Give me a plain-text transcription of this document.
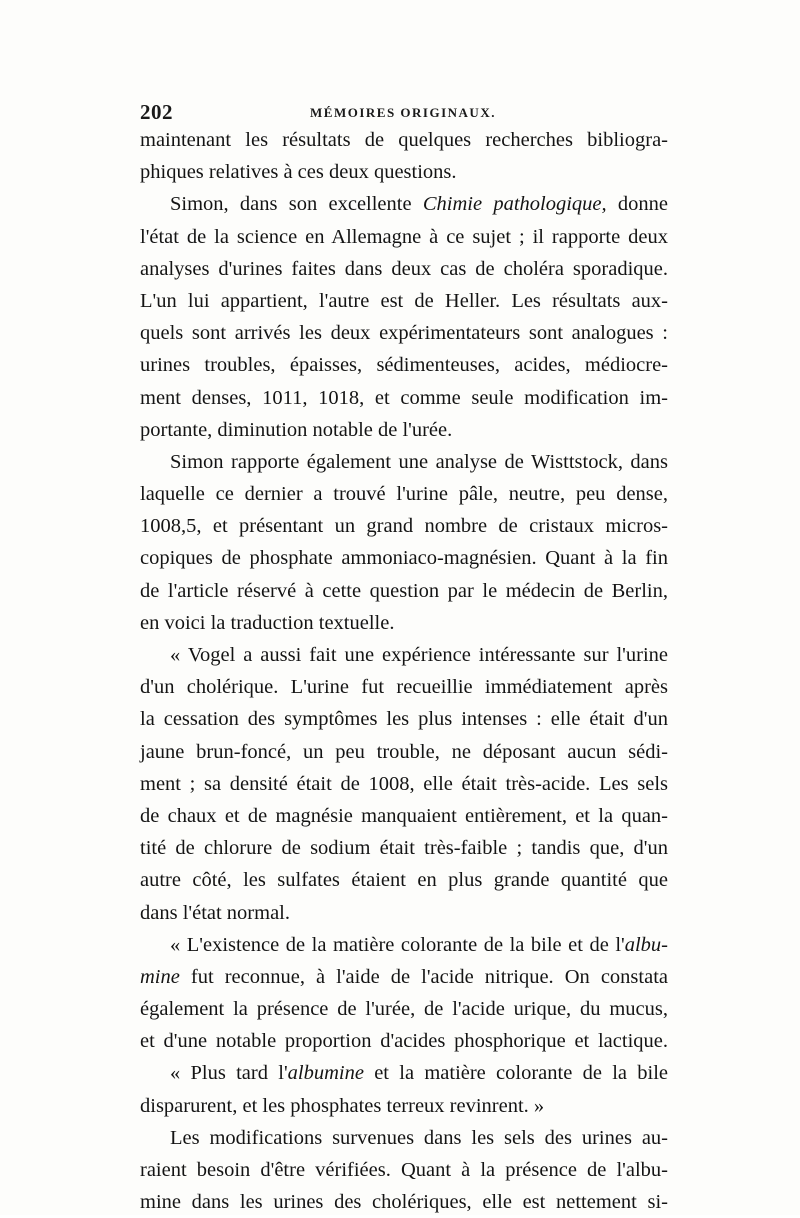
202	MÉMOIRES ORIGINAUX.
maintenant les résultats de quelques recherches bibliogra-
phiques relatives à ces deux questions.
Simon, dans son excellente Chimie pathologique, donne
l'état de la science en Allemagne à ce sujet ; il rapporte deux
analyses d'urines faites dans deux cas de choléra sporadique.
L'un lui appartient, l'autre est de Heller. Les résultats aux-
quels sont arrivés les deux expérimentateurs sont analogues :
urines troubles, épaisses, sédimenteuses, acides, médiocre-
ment denses, 1011, 1018, et comme seule modification im-
portante, diminution notable de l'urée.
Simon rapporte également une analyse de Wisttstock, dans
laquelle ce dernier a trouvé l'urine pâle, neutre, peu dense,
1008,5, et présentant un grand nombre de cristaux micros-
copiques de phosphate ammoniaco-magnésien. Quant à la fin
de l'article réservé à cette question par le médecin de Berlin,
en voici la traduction textuelle.
« Vogel a aussi fait une expérience intéressante sur l'urine
d'un cholérique. L'urine fut recueillie immédiatement après
la cessation des symptômes les plus intenses : elle était d'un
jaune brun-foncé, un peu trouble, ne déposant aucun sédi-
ment ; sa densité était de 1008, elle était très-acide. Les sels
de chaux et de magnésie manquaient entièrement, et la quan-
tité de chlorure de sodium était très-faible ; tandis que, d'un
autre côté, les sulfates étaient en plus grande quantité que
dans l'état normal.
« L'existence de la matière colorante de la bile et de l'albu-
mine fut reconnue, à l'aide de l'acide nitrique. On constata
également la présence de l'urée, de l'acide urique, du mucus,
et d'une notable proportion d'acides phosphorique et lactique.
« Plus tard l'albumine et la matière colorante de la bile
disparurent, et les phosphates terreux revinrent. »
Les modifications survenues dans les sels des urines au-
raient besoin d'être vérifiées. Quant à la présence de l'albu-
mine dans les urines des cholériques, elle est nettement si-
